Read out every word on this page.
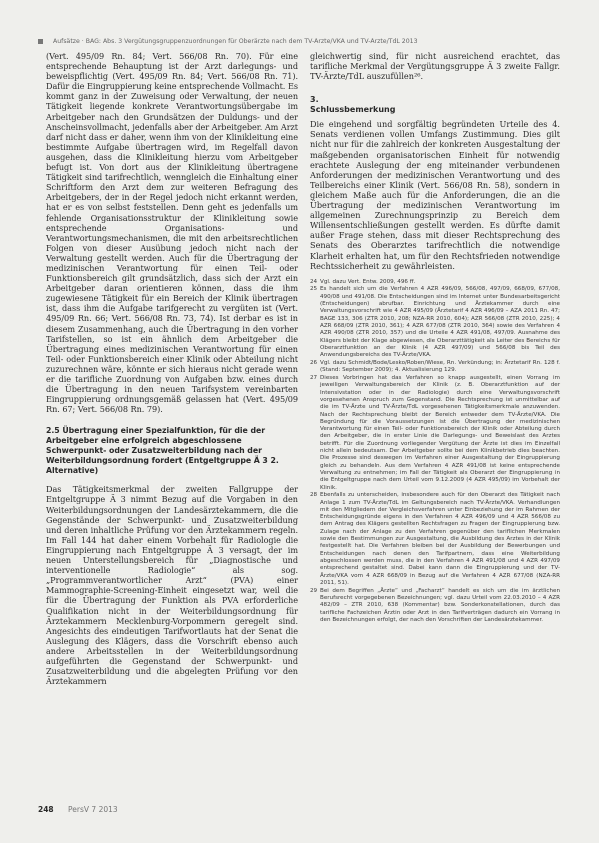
Aufsätze · BAG: Abs. 3 Vergütungsgruppenzuordnungen für Oberärzte nach dem TV-Ärzte/VKA und TV-Ärzte/TdL 2013

(Vert. 495/09 Rn. 84; Vert. 566/08 Rn. 70). Für eine entsprechende Behauptung ist der Arzt darlegungs- und beweispflichtig (Vert. 495/09 Rn. 84; Vert. 566/08 Rn. 71). Dafür die Eingruppierung keine entsprechende Vollmacht. Es kommt ganz in der Zuweisung oder Verwaltung, der neuen Tätigkeit liegende konkrete Verantwortungsübergabe im Arbeitgeber nach den Grundsätzen der Duldungs- und der Anscheinsvollmacht, jedenfalls aber der Arbeitgeber. Am Arzt darf nicht dass er daher, wenn ihm von der Klinikleitung eine bestimmte Aufgabe übertragen wird, im Regelfall davon ausgehen, dass die Klinikleitung hierzu vom Arbeitgeber befugt ist. Von dort aus der Klinikleitung übertragene Tätigkeit sind tarifrechtlich, wenngleich die Einhaltung einer Schriftform den Arzt dem zur weiteren Befragung des Arbeitgebers, der in der Regel jedoch nicht erkannt werden, hat er es von selbst feststellen. Denn geht es jedenfalls um fehlende Organisationsstruktur der Klinikleitung sowie entsprechende Organisations- und Verantwortungsmechanismen, die mit den arbeitsrechtlichen Folgen von dieser Ausübung jedoch nicht nach der Verwaltung gestellt werden. Auch für die Übertragung der medizinischen Verantwortung für einen Teil- oder Funktionsbereich gilt grundsätzlich, dass sich der Arzt ein Arbeitgeber daran orientieren können, dass die ihm zugewiesene Tätigkeit für ein Bereich der Klinik übertragen ist, dass ihm die Aufgabe tarifgerecht zu vergüten ist (Vert. 495/09 Rn. 66; Vert. 566/08 Rn. 73, 74). Ist derbar es ist in diesem Zusammenhang, auch die Übertragung in den vorher Tarifstellen, so ist ein ähnlich dem Arbeitgeber die Übertragung eines medizinischen Verantwortung für einen Teil- oder Funktionsbereich einer Klinik oder Abteilung nicht zuzurechnen wäre, könnte er sich hieraus nicht gerade wenn er die tarifliche Zuordnung von Aufgaben bzw. eines durch die Übertragung in den neuen Tarifsystem vereinbarten Eingruppierung ordnungsgemäß gelassen hat (Vert. 495/09 Rn. 67; Vert. 566/08 Rn. 79).

2.5 Übertragung einer Spezialfunktion, für die der Arbeitgeber eine erfolgreich abgeschlossene Schwerpunkt- oder Zusatzweiterbildung nach der Weiterbildungsordnung fordert (Entgeltgruppe Ä 3 2. Alternative)

Das Tätigkeitsmerkmal der zweiten Fallgruppe der Entgeltgruppe Ä 3 nimmt Bezug auf die Vorgaben in den Weiterbildungsordnungen der Landesärztekammern, die die Gegenstände der Schwerpunkt- und Zusatzweiterbildung und deren inhaltliche Prüfung vor den Ärztekammern regeln. Im Fall 144 hat daher einem Vorbehalt für Radiologie die Eingruppierung nach Entgeltgruppe Ä 3 versagt, der im neuen Unterstellungsbereich für „Diagnostische und interventionelle Radiologie“ als sog. „Programmverantwortlicher Arzt“ (PVA) einer Mammographie-Screening-Einheit eingesetzt war, weil die für die Übertragung der Funktion als PVA erforderliche Qualifikation nicht in der Weiterbildungsordnung für Ärztekammern Mecklenburg-Vorpommern geregelt sind. Angesichts des eindeutigen Tarifwortlauts hat der Senat die Auslegung des Klägers, dass die Vorschrift ebenso auch andere Arbeitsstellen in der Weiterbildungsordnung aufgeführten die Gegenstand der Schwerpunkt- und Zusatzweiterbildung und die abgelegten Prüfung vor den Ärztekammern

gleichwertig sind, für nicht ausreichend erachtet, das tarifliche Merkmal der Vergütungsgruppe Ä 3 zweite Fallgr. TV-Ärzte/TdL auszufüllen²⁶.

3.
Schlussbemerkung

Die eingehend und sorgfältig begründeten Urteile des 4. Senats verdienen vollen Umfangs Zustimmung. Dies gilt nicht nur für die zahlreich der konkreten Ausgestaltung der maßgebenden organisatorischen Einheit für notwendig erachtete Auslegung der eng miteinander verbundenen Anforderungen der medizinischen Verantwortung und des Teilbereichs einer Klinik (Vert. 566/08 Rn. 58), sondern in gleichem Maße auch für die Anforderungen, die an die Übertragung der medizinischen Verantwortung im allgemeinen Zurechnungsprinzip zu Bereich dem Willensentschließungen gestellt werden. Es dürfte damit außer Frage stehen, dass mit dieser Rechtsprechung des Senats des Oberarztes tarifrechtlich die notwendige Klarheit erhalten hat, um für den Rechtsfrieden notwendige Rechtssicherheit zu gewährleisten.

24 Vgl. dazu Vert. Entw. 2009, 496 ff.
25 Es handelt sich um die Verfahren 4 AZR 496/09, 566/08, 497/09, 668/09, 677/08, 490/08 und 491/08. Die Entscheidungen sind im Internet unter Bundesarbeitsgericht (Entscheidungen) abrufbar. Einrichtung und Ärztekammer durch eine Verwaltungsvorschrift wie 4 AZR 495/09 (Ärztetarif 4 AZR 496/09 – AZA 2011 Rn. 47; BAGE 133, 306 (ZTR 2010, 208; NZA-RR 2010, 604); AZR 566/08 (ZTR 2010, 225); 4 AZR 668/09 (ZTR 2010, 361); 4 AZR 677/08 (ZTR 2010, 364) sowie des Verfahren 4 AZR 490/08 (ZTR 2010, 357) und die Urteile 4 AZR 491/08, 497/09. Ausnahme des Klägers bleibt der Klage abgewiesen, die Oberarzttätigkeit als Leiter des Bereichs für Oberarztfunktion an der Klinik (4 AZR 497/09) und 566/08 bis Teil des Anwendungsbereichs des TV-Ärzte/VKA.
26 Vgl. dazu Schmidt/Bode/Lesko/Roben/Wiese, Rn. Verkündung; in: Ärztetarif Rn. 128 f. (Stand: September 2009); 4. Aktualisierung 129.
27 Dieses Vorbringen hat das Verfahren so knapp ausgestellt, einen Vorrang im jeweiligen Verwaltungsbereich der Klinik (z. B. Oberarztfunktion auf der Intensivstation oder in der Radiologie) durch eine Verwaltungsvorschrift vorgesehenen Anspruch zum Gegenstand. Die Rechtsprechung ist unmittelbar auf die im TV-Ärzte und TV-Ärzte/TdL vorgesehenen Tätigkeitsmerkmale anzuwenden. Nach der Rechtsprechung bleibt der Bereich entweder dem TV-Ärzte/VKA. Die Begründung für die Voraussetzungen ist die Übertragung der medizinischen Verantwortung für einen Teil- oder Funktionsbereich der Klinik oder Abteilung durch den Arbeitgeber, die in erster Linie die Darlegungs- und Beweislast des Arztes betrifft. Für die Zuordnung vorliegender Vergütung der Ärzte ist dies im Einzelfall nicht allein bedeutsam. Der Arbeitgeber sollte bei dem Klinikbetrieb dies beachten. Die Prozesse sind deswegen im Verfahren einer Ausgestaltung der Eingruppierung gleich zu behandeln. Aus dem Verfahren 4 AZR 491/08 ist keine entsprechende Verwaltung zu entnehmen; im Fall der Tätigkeit als Oberarzt der Eingruppierung in die Entgeltgruppe nach dem Urteil vom 9.12.2009 (4 AZR 495/09) im Vorbehalt der Klinik.
28 Ebenfalls zu unterscheiden, insbesondere auch für den Oberarzt des Tätigkeit nach Anlage 1 zum TV-Ärzte/TdL im Geltungsbereich nach TV-Ärzte/VKA. Verhandlungen mit den Mitgliedern der Vergleichsverfahren unter Einbeziehung der im Rahmen der Entscheidungsgründe eigens in den Verfahren 4 AZR 496/09 und 4 AZR 566/08 zu dem Antrag des Klägers gestellten Rechtsfragen zu Fragen der Eingruppierung bzw. Zulage nach der Anlage zu den Verfahren gegenüber den tariflichen Merkmalen sowie den Bestimmungen zur Ausgestaltung, die Ausbildung des Arztes in der Klinik festgestellt hat. Die Verfahren bleiben bei der Ausbildung der Bewerbungen und Entscheidungen nach denen den Tarifpartnern, dass eine Weiterbildung abgeschlossen werden muss, die in den Verfahren 4 AZR 491/08 und 4 AZR 497/09 entsprechend gestaltet sind. Dabei kann dann die Eingruppierung und der TV-Ärzte/VKA vom 4 AZR 668/09 in Bezug auf die Verfahren 4 AZR 677/08 (NZA-RR 2011, 51).
29 Bei dem Begriffen „Ärzte“ und „Facharzt“ handelt es sich um die im ärztlichen Berufsrecht vorgegebenen Bezeichnungen; vgl. dazu Urteil vom 22.03.2010 – 4 AZR 482/09 – ZTR 2010, 638 (Kommentar) bzw. Sonderkonstellationen, durch das tarifliche Fachzeichen Ärztin oder Arzt in den Tarifverträgen dadurch ein Vorrang in den Bezeichnungen erfolgt, der nach den Vorschriften der Landesärztekammer.
248 PersV 7 2013
